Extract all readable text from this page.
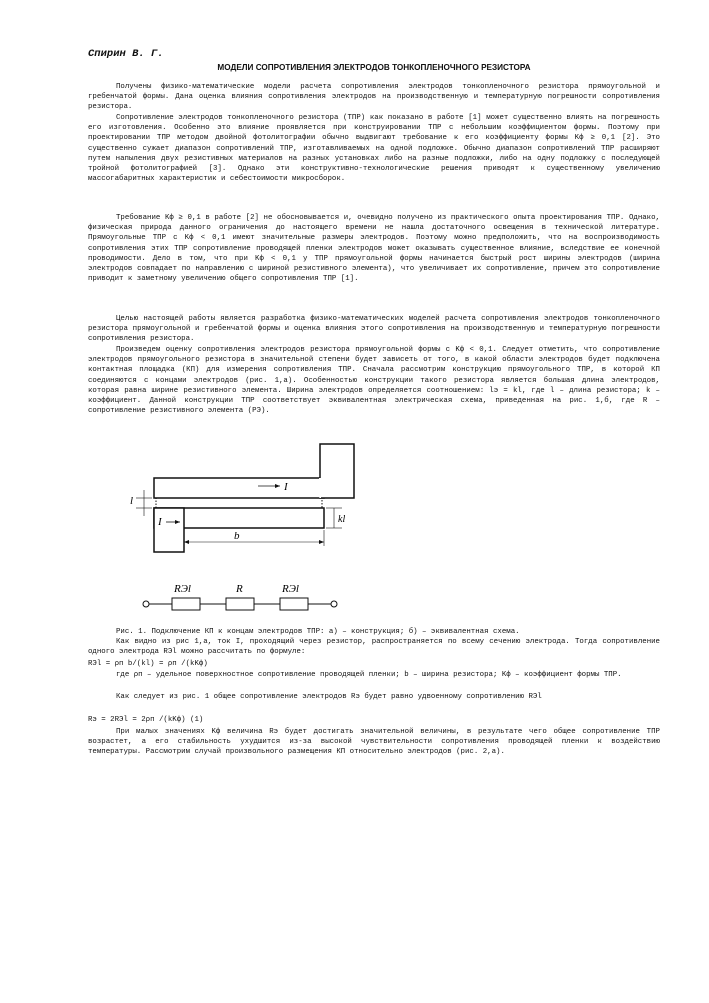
Спирин В. Г.
МОДЕЛИ СОПРОТИВЛЕНИЯ ЭЛЕКТРОДОВ ТОНКОПЛЕНОЧНОГО РЕЗИСТОРА
Получены физико-математические модели расчета сопротивления электродов тонкопленочного резистора прямоугольной и гребенчатой формы. Дана оценка влияния сопротивления электродов на производственную и температурную погрешности сопротивления резистора.
Сопротивление электродов тонкопленочного резистора (ТПР) как показано в работе [1] может существенно влиять на погрешность его изготовления. Особенно это влияние проявляется при конструировании ТПР с небольшим коэффициентом формы. Поэтому при проектировании ТПР методом двойной фотолитографии обычно выдвигают требование к его коэффициенту формы Kф ≥ 0,1 [2]. Это существенно сужает диапазон сопротивлений ТПР, изготавливаемых на одной подложке. Обычно диапазон сопротивлений ТПР расширяют путем напыления двух резистивных материалов на разных установках либо на разные подложки, либо на одну подложку с последующей тройной фотолитографией [3]. Однако эти конструктивно-технологические решения приводят к существенному увеличению массогабаритных характеристик и себестоимости микросборок.
Требование Kф ≥ 0,1 в работе [2] не обосновывается и, очевидно получено из практического опыта проектирования ТПР. Однако, физическая природа данного ограничения до настоящего времени не нашла достаточного освещения в технической литературе. Прямоугольные ТПР с Kф < 0,1 имеют значительные размеры электродов. Поэтому можно предположить, что на воспроизводимость сопротивления этих ТПР сопротивление проводящей пленки электродов может оказывать существенное влияние, вследствие ее конечной проводимости. Дело в том, что при Kф < 0,1 у ТПР прямоугольной формы начинается быстрый рост ширины электродов (ширина электродов совпадает по направлению с шириной резистивного элемента), что увеличивает их сопротивление, причем это сопротивление приводит к заметному увеличению общего сопротивления ТПР [1].
Целью настоящей работы является разработка физико-математических моделей расчета сопротивления электродов тонкопленочного резистора прямоугольной и гребенчатой формы и оценка влияния этого сопротивления на производственную и температурную погрешности сопротивления резистора.
Произведем оценку сопротивления электродов резистора прямоугольной формы с Kф < 0,1. Следует отметить, что сопротивление электродов прямоугольного резистора в значительной степени будет зависеть от того, в какой области электродов будет подключена контактная площадка (КП) для измерения сопротивления ТПР. Сначала рассмотрим конструкцию прямоугольного ТПР, в которой КП соединяются с концами электродов (рис. 1,а). Особенностью конструкции такого резистора является большая длина электродов, которая равна ширине резистивного элемента. Ширина электродов определяется соотношением: lэ = kl, где l – длина резистора; k – коэффициент. Данной конструкции ТПР соответствует эквивалентная электрическая схема, приведенная на рис. 1,б, где R – сопротивление резистивного элемента (РЭ).
I
I
l
kl
b
RЭl	R	RЭl
Рис. 1. Подключение КП к концам электродов ТПР: а) – конструкция; б) – эквивалентная схема.
Как видно из рис 1,а, ток I, проходящий через резистор, распространяется по всему сечению электрода. Тогда сопротивление одного электрода RЭl можно рассчитать по формуле:
RЭl = ρп b/(kl) = ρп /(kKф)
где ρп – удельное поверхностное сопротивление проводящей пленки; b – ширина резистора; Kф – коэффициент формы ТПР.
Как следует из рис. 1 общее сопротивление электродов Rэ будет равно удвоенному сопротивлению RЭl
Rэ = 2RЭl = 2ρп /(kKф) (1)
При малых значениях Kф величина Rэ будет достигать значительной величины, в результате чего общее сопротивление ТПР возрастет, а его стабильность ухудшится из-за высокой чувствительности сопротивления проводящей пленки к воздействию температуры. Рассмотрим случай произвольного размещения КП относительно электродов (рис. 2,а).
